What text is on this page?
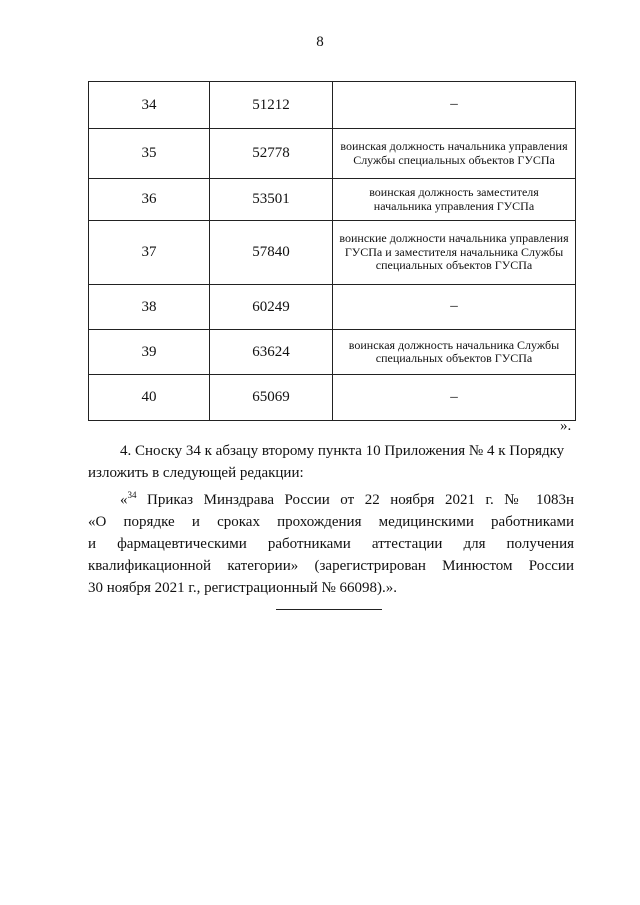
8
34	51212	–
35	52778	воинская должность начальника управления Службы специальных объектов ГУСПа
36	53501	воинская должность заместителя начальника управления ГУСПа
37	57840	воинские должности начальника управления ГУСПа и заместителя начальника Службы специальных объектов ГУСПа
38	60249	–
39	63624	воинская должность начальника Службы специальных объектов ГУСПа
40	65069	–
».

4. Сноску 34 к абзацу второму пункта 10 Приложения № 4 к Порядку

изложить в следующей редакции:

«$^{34}$ Приказ Минздрава России от 22 ноября 2021 г. № 1083н

«О порядке и сроках прохождения медицинскими работниками

и фармацевтическими работниками аттестации для получения

квалификационной категории» (зарегистрирован Минюстом России

30 ноября 2021 г., регистрационный № 66098).».
